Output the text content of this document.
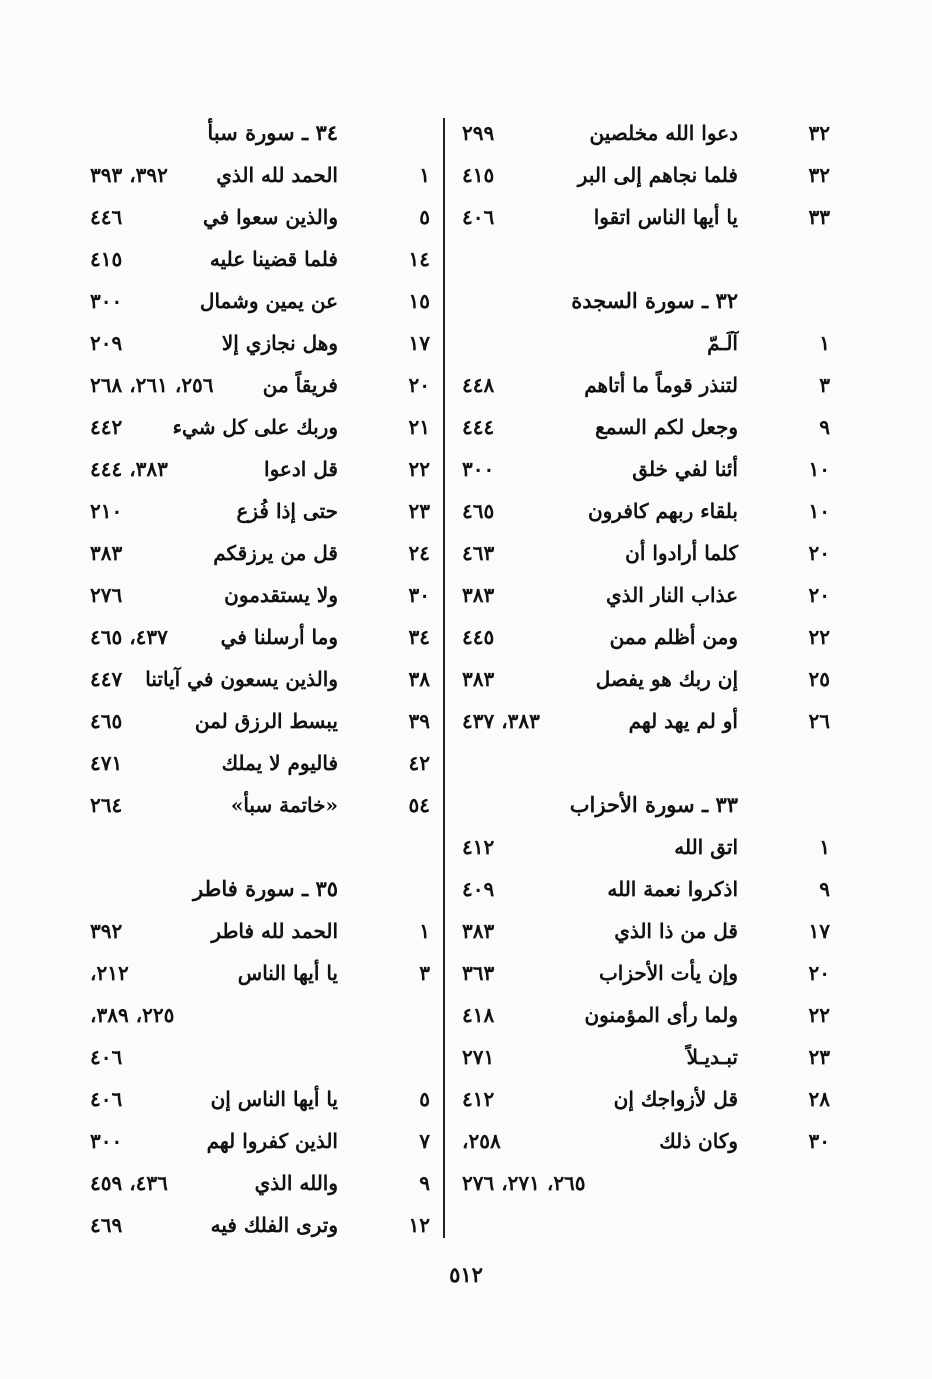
٣٢
دعوا الله مخلصين
٢٩٩
٣٢
فلما نجاهم إلى البر
٤١٥
٣٣
يا أيها الناس اتقوا
٤٠٦
٣٢ ـ سورة السجدة
١
آلَـمّ
٣
لتنذر قوماً ما أتاهم
٤٤٨
٩
وجعل لكم السمع
٤٤٤
١٠
أئنا لفي خلق
٣٠٠
١٠
بلقاء ربهم كافرون
٤٦٥
٢٠
كلما أرادوا أن
٤٦٣
٢٠
عذاب النار الذي
٣٨٣
٢٢
ومن أظلم ممن
٤٤٥
٢٥
إن ربك هو يفصل
٣٨٣
٢٦
أو لم يهد لهم
٣٨٣، ٤٣٧
٣٣ ـ سورة الأحزاب
١
اتق الله
٤١٢
٩
اذكروا نعمة الله
٤٠٩
١٧
قل من ذا الذي
٣٨٣
٢٠
وإن يأت الأحزاب
٣٦٣
٢٢
ولما رأى المؤمنون
٤١٨
٢٣
تبـديـلاً
٢٧١
٢٨
قل لأزواجك إن
٤١٢
٣٠
وكان ذلك
٢٥٨،
٢٦٥، ٢٧١، ٢٧٦
٣٤ ـ سورة سبأ
١
الحمد لله الذي
٣٩٢، ٣٩٣
٥
والذين سعوا في
٤٤٦
١٤
فلما قضينا عليه
٤١٥
١٥
عن يمين وشمال
٣٠٠
١٧
وهل نجازي إلا
٢٠٩
٢٠
فريقاً من
٢٥٦، ٢٦١، ٢٦٨
٢١
وربك على كل شيء
٤٤٢
٢٢
قل ادعوا
٣٨٣، ٤٤٤
٢٣
حتى إذا فُزع
٢١٠
٢٤
قل من يرزقكم
٣٨٣
٣٠
ولا يستقدمون
٢٧٦
٣٤
وما أرسلنا في
٤٣٧، ٤٦٥
٣٨
والذين يسعون في آياتنا
٤٤٧
٣٩
يبسط الرزق لمن
٤٦٥
٤٢
فاليوم لا يملك
٤٧١
٥٤
«خاتمة سبأ»
٢٦٤
٣٥ ـ سورة فاطر
١
الحمد لله فاطر
٣٩٢
٣
يا أيها الناس
٢١٢،
٢٢٥، ٣٨٩،
٤٠٦
٥
يا أيها الناس إن
٤٠٦
٧
الذين كفروا لهم
٣٠٠
٩
والله الذي
٤٣٦، ٤٥٩
١٢
وترى الفلك فيه
٤٦٩
٥١٢
